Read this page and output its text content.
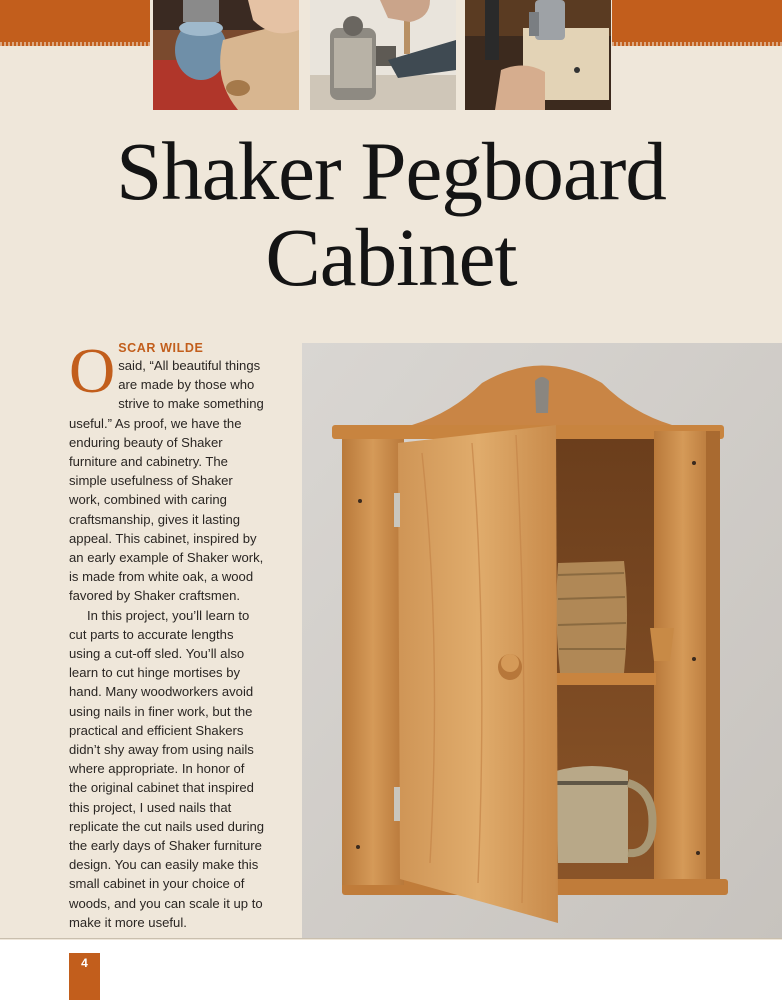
Shaker Pegboard
Cabinet

O SCAR WILDE
said, “All beautiful things are made by those who strive to make something useful.” As proof, we have the enduring beauty of Shaker furniture and cabinetry. The simple usefulness of Shaker work, combined with caring craftsmanship, gives it lasting appeal. This cabinet, inspired by an early example of Shaker work, is made from white oak, a wood favored by Shaker craftsmen.

In this project, you’ll learn to cut parts to accurate lengths using a cut-off sled. You’ll also learn to cut hinge mortises by hand. Many woodworkers avoid using nails in finer work, but the practical and efficient Shakers didn’t shy away from using nails where appropriate. In honor of the original cabinet that inspired this project, I used nails that replicate the cut nails used during the early days of Shaker furniture design. You can easily make this small cabinet in your choice of woods, and you can scale it up to make it more useful.

4
